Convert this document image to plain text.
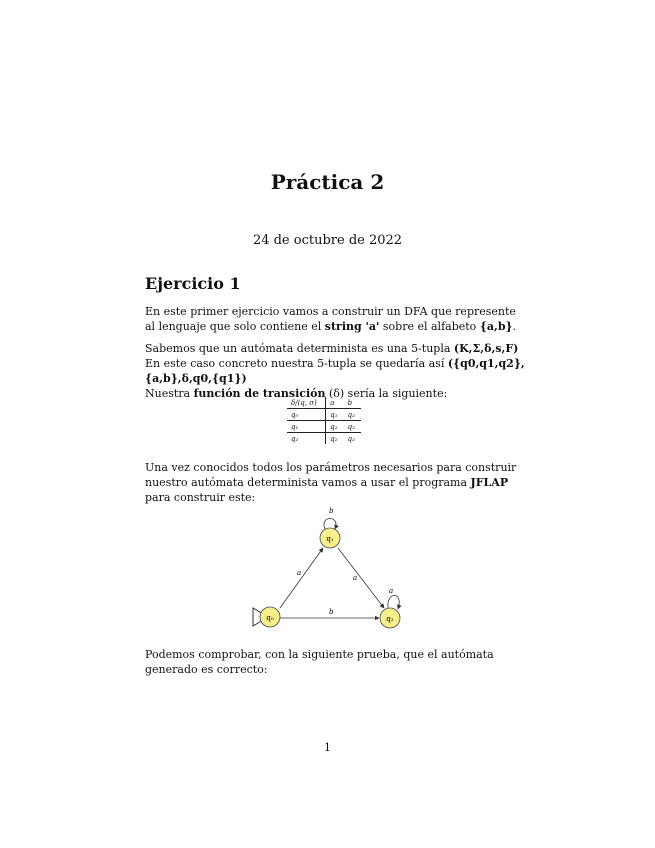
Práctica 2
24 de octubre de 2022
Ejercicio 1
En este primer ejercicio vamos a construir un DFA que represente al lenguaje que solo contiene el string 'a' sobre el alfabeto {a,b}.
Sabemos que un autómata determinista es una 5-tupla (K,Σ,δ,s,F)
En este caso concreto nuestra 5-tupla se quedaría así ({q0,q1,q2},{a,b},δ,q0,{q1})
Nuestra función de transición (δ) sería la siguiente:
δ/(q, σ)	a	b
q₀	q₁	q₂
q₁	q₂	q₂
q₂	q₂	q₂
Una vez conocidos todos los parámetros necesarios para construir nuestro autómata determinista vamos a usar el programa JFLAP para construir este:
a
b
a
b
a
q₁
q₀	q₂
Podemos comprobar, con la siguiente prueba, que el autómata generado es correcto:
1
